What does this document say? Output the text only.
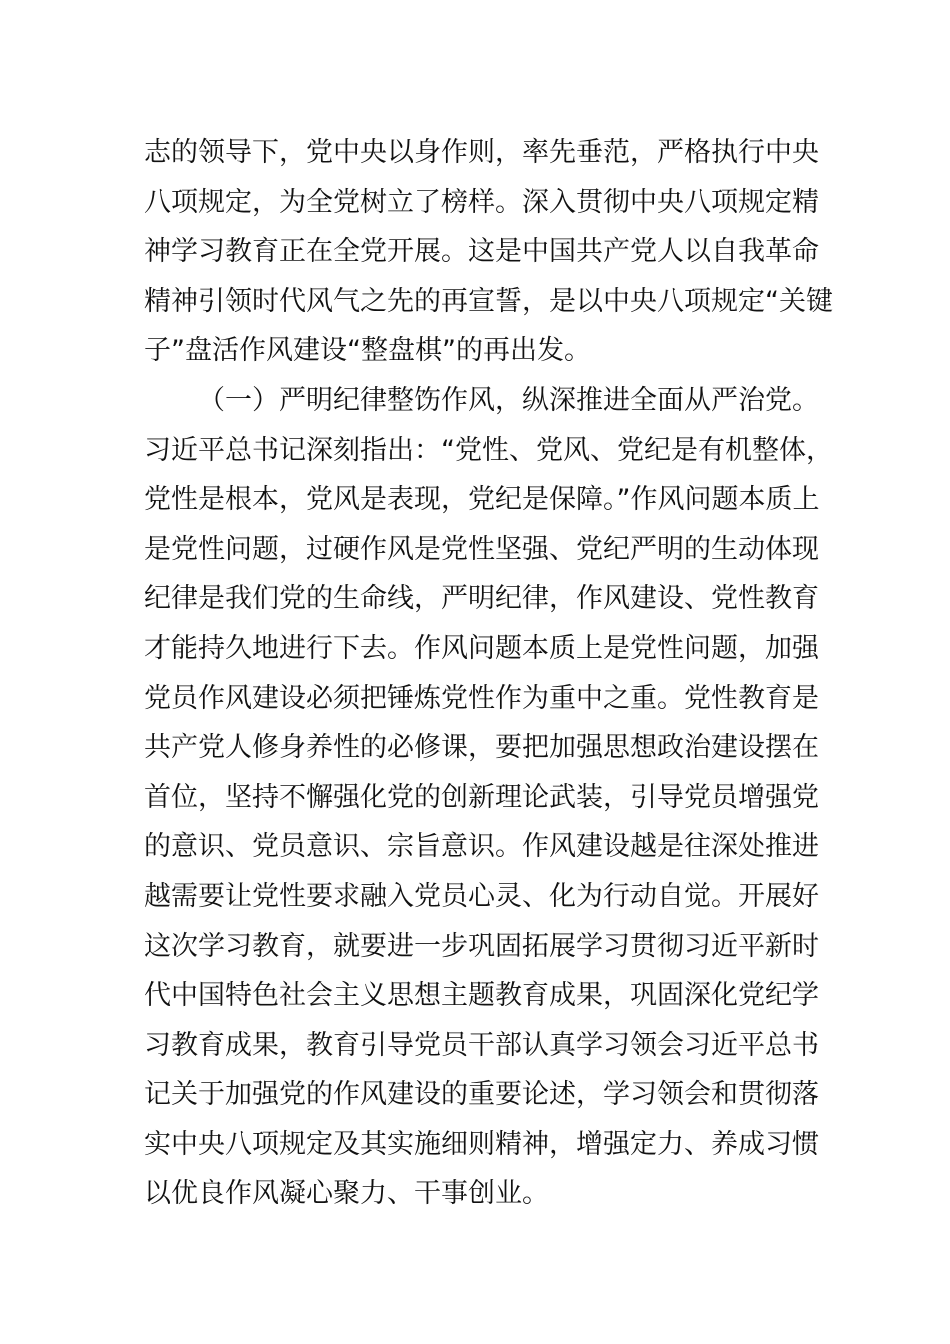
志的领导下，党中央以身作则，率先垂范，严格执行中央
八项规定，为全党树立了榜样。深入贯彻中央八项规定精
神学习教育正在全党开展。这是中国共产党人以自我革命
精神引领时代风气之先的再宣誓，是以中央八项规定“关键
子”盘活作风建设“整盘棋”的再出发。
（一）严明纪律整饬作风，纵深推进全面从严治党。
习近平总书记深刻指出：“党性、党风、党纪是有机整体，
党性是根本，党风是表现，党纪是保障。”作风问题本质上
是党性问题，过硬作风是党性坚强、党纪严明的生动体现
纪律是我们党的生命线，严明纪律，作风建设、党性教育
才能持久地进行下去。作风问题本质上是党性问题，加强
党员作风建设必须把锤炼党性作为重中之重。党性教育是
共产党人修身养性的必修课，要把加强思想政治建设摆在
首位，坚持不懈强化党的创新理论武装，引导党员增强党
的意识、党员意识、宗旨意识。作风建设越是往深处推进
越需要让党性要求融入党员心灵、化为行动自觉。开展好
这次学习教育，就要进一步巩固拓展学习贯彻习近平新时
代中国特色社会主义思想主题教育成果，巩固深化党纪学
习教育成果，教育引导党员干部认真学习领会习近平总书
记关于加强党的作风建设的重要论述，学习领会和贯彻落
实中央八项规定及其实施细则精神，增强定力、养成习惯
以优良作风凝心聚力、干事创业。
